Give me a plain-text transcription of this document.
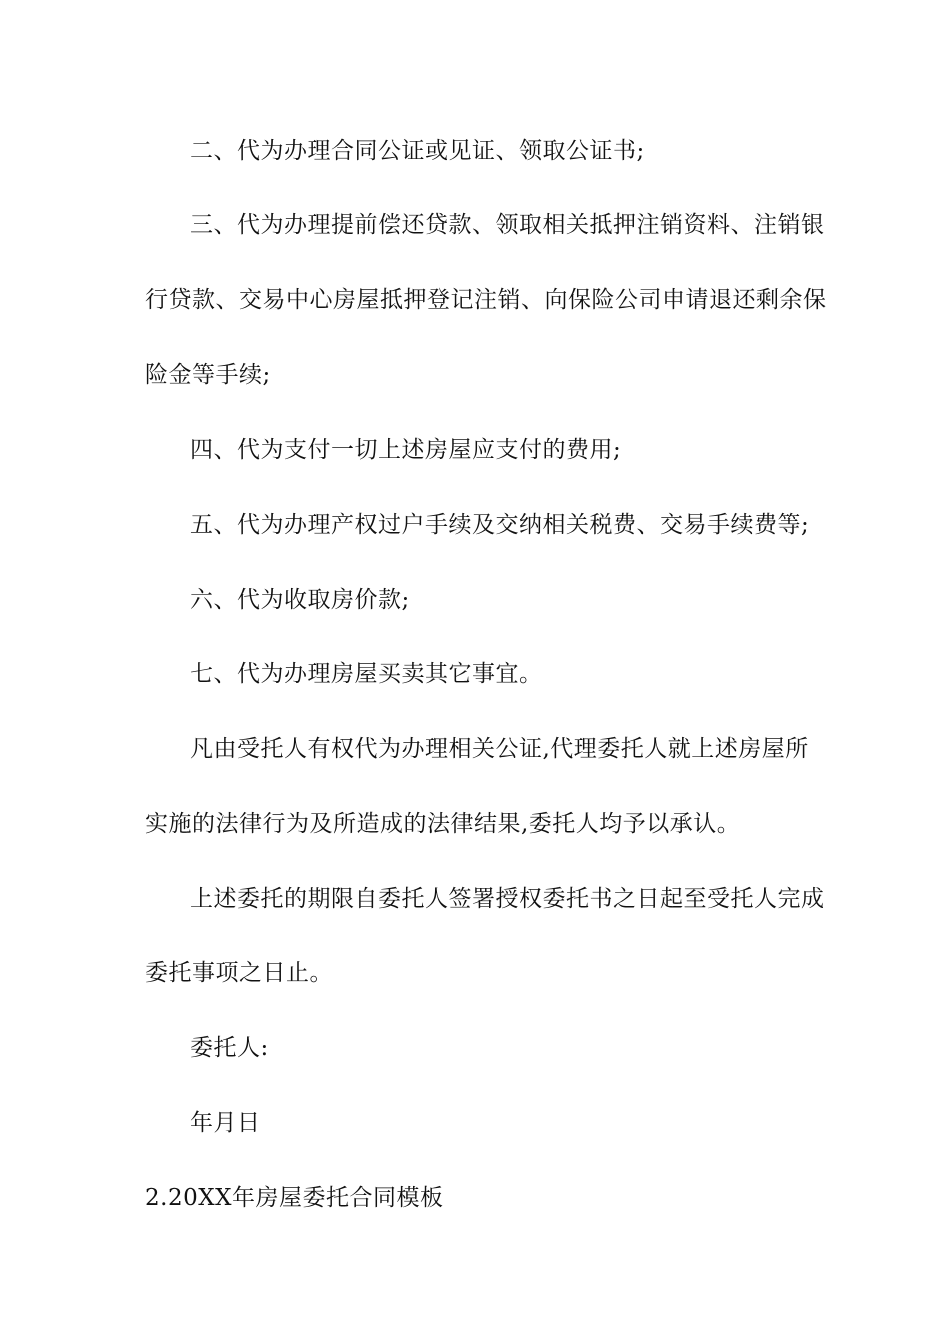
二、代为办理合同公证或见证、领取公证书;
三、代为办理提前偿还贷款、领取相关抵押注销资料、注销银
行贷款、交易中心房屋抵押登记注销、向保险公司申请退还剩余保
险金等手续;
四、代为支付一切上述房屋应支付的费用;
五、代为办理产权过户手续及交纳相关税费、交易手续费等;
六、代为收取房价款;
七、代为办理房屋买卖其它事宜。
凡由受托人有权代为办理相关公证,代理委托人就上述房屋所
实施的法律行为及所造成的法律结果,委托人均予以承认。
上述委托的期限自委托人签署授权委托书之日起至受托人完成
委托事项之日止。
委托人:
年月日
2.20XX年房屋委托合同模板
